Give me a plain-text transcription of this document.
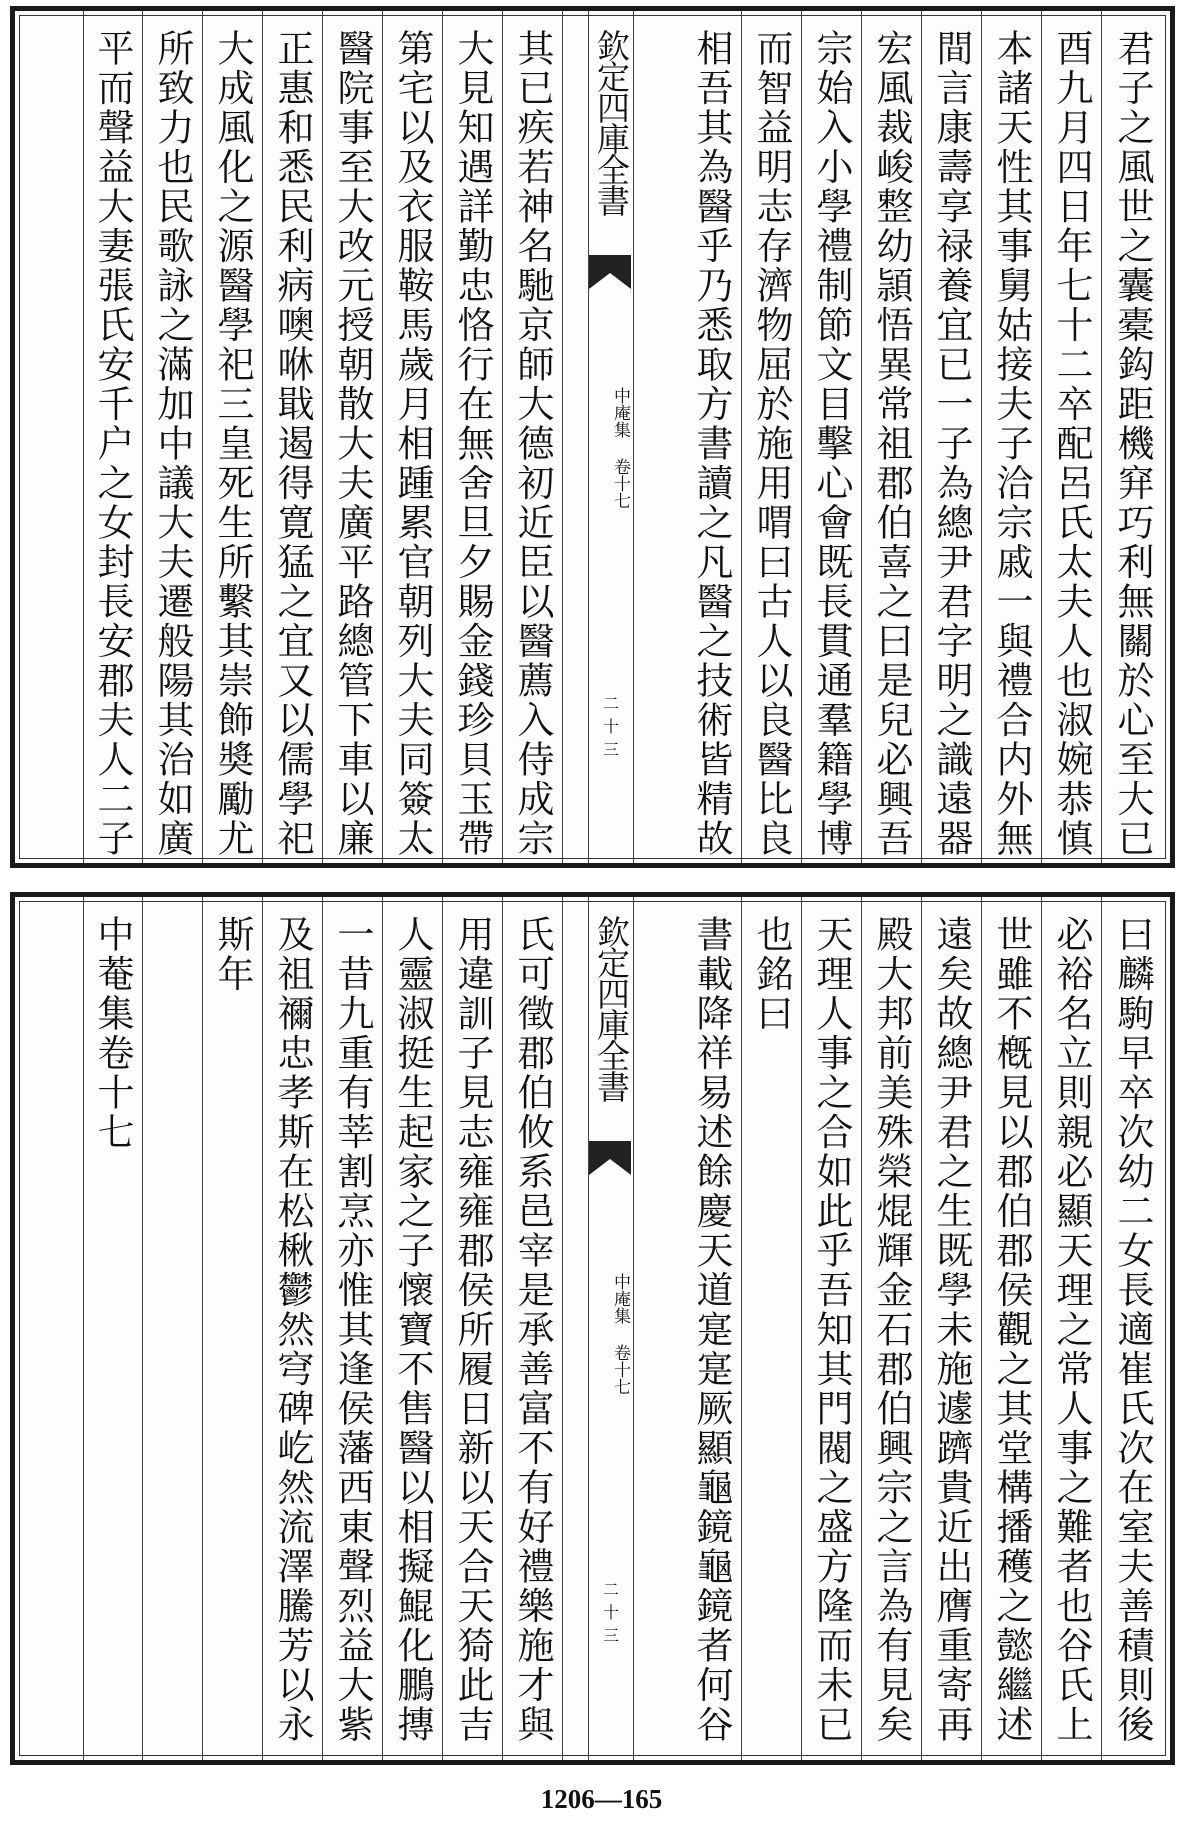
君子之風世之囊橐鈎距機穽巧利無關於心至大已
酉九月四日年七十二卒配呂氏太夫人也淑婉恭慎
本諸天性其事舅姑接夫子洽宗戚一與禮合内外無
間言康壽享禄養宜已一子為總尹君字明之識遠器
宏風裁峻整幼頴悟異常祖郡伯喜之曰是兒必興吾
宗始入小學禮制節文目擊心會既長貫通羣籍學博
而智益明志存濟物屈於施用喟曰古人以良醫比良
相吾其為醫乎乃悉取方書讀之凡醫之技術皆精故
欽定四庫全書
中庵集 卷十七
二十三
其已疾若神名馳京師大德初近臣以醫薦入侍成宗
大見知遇詳勤忠恪行在無舍旦夕賜金錢珍貝玉帶
第宅以及衣服鞍馬歲月相踵累官朝列大夫同簽太
醫院事至大改元授朝散大夫廣平路總管下車以廉
正惠和悉民利病噢咻戢遏得寛猛之宜又以儒學祀
大成風化之源醫學祀三皇死生所繫其崇飾奬勵尤
所致力也民歌詠之滿加中議大夫遷般陽其治如廣
平而聲益大妻張氏安千户之女封長安郡夫人二子
曰麟駒早卒次幼二女長適崔氏次在室夫善積則後
必裕名立則親必顯天理之常人事之難者也谷氏上
世雖不槪見以郡伯郡侯觀之其堂構播穫之懿繼述
遠矣故總尹君之生既學未施遽躋貴近出膺重寄再
殿大邦前美殊榮焜輝金石郡伯興宗之言為有見矣
天理人事之合如此乎吾知其門閥之盛方隆而未已
也銘曰
書載降祥易述餘慶天道寔寔厥顯龜鏡龜鏡者何谷
欽定四庫全書
中庵集 卷十七
二十三
氏可徵郡伯攸系邑宰是承善富不有好禮樂施才與
用違訓子見志雍雍郡侯所履日新以天合天猗此吉
人靈淑挺生起家之子懷寶不售醫以相擬鯤化鵬摶
一昔九重有莘割烹亦惟其逢侯藩西東聲烈益大紫
及祖禰忠孝斯在松楸鬱然穹碑屹然流澤騰芳以永
斯年
中菴集卷十七
1206—165
